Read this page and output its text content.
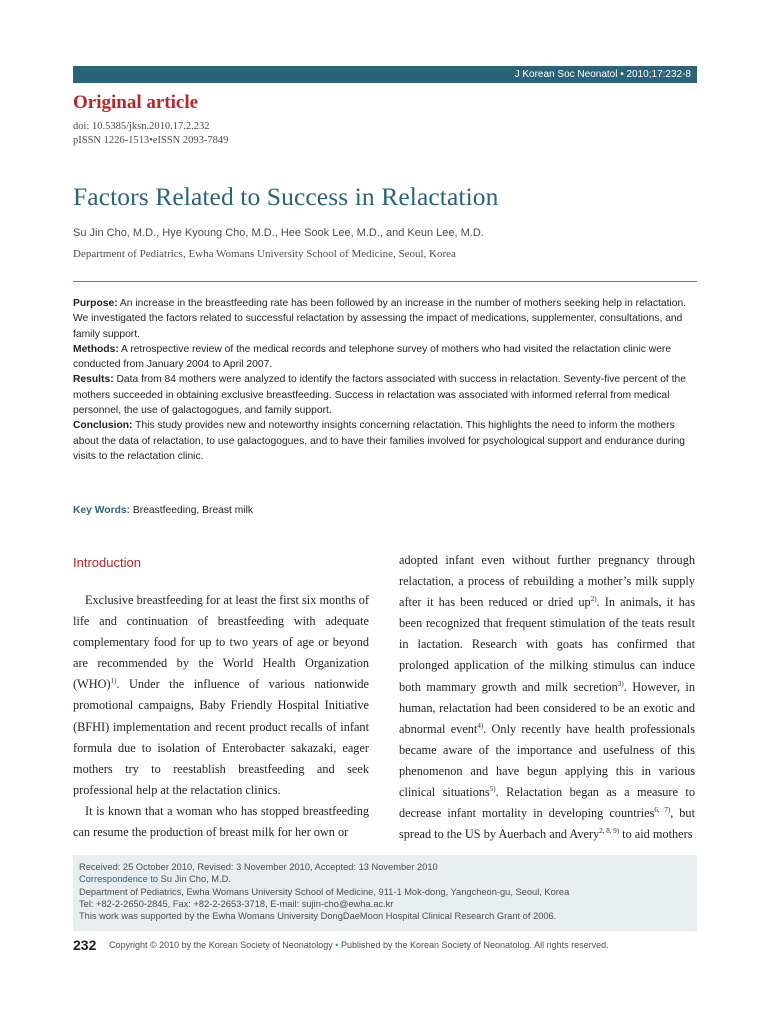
J Korean Soc Neonatol • 2010;17:232-8
Original article
doi: 10.5385/jksn.2010.17.2.232
pISSN 1226-1513•eISSN 2093-7849
Factors Related to Success in Relactation
Su Jin Cho, M.D., Hye Kyoung Cho, M.D., Hee Sook Lee, M.D., and Keun Lee, M.D.
Department of Pediatrics, Ewha Womans University School of Medicine, Seoul, Korea

Purpose: An increase in the breastfeeding rate has been followed by an increase in the number of mothers seeking help in relactation. We investigated the factors related to successful relactation by assessing the impact of medications, supplementer, consultations, and family support.

Methods: A retrospective review of the medical records and telephone survey of mothers who had visited the relactation clinic were conducted from January 2004 to April 2007.

Results: Data from 84 mothers were analyzed to identify the factors associated with success in relactation. Seventy-five percent of the mothers succeeded in obtaining exclusive breastfeeding. Success in relactation was associated with informed referral from medical personnel, the use of galactogogues, and family support.

Conclusion: This study provides new and noteworthy insights concerning relactation. This highlights the need to inform the mothers about the data of relactation, to use galactogogues, and to have their families involved for psychological support and endurance during visits to the relactation clinic.

Key Words: Breastfeeding, Breast milk
Introduction

Exclusive breastfeeding for at least the first six months of life and continuation of breastfeeding with adequate complementary food for up to two years of age or beyond are recommended by the World Health Organization (WHO)$^{1)}$. Under the influence of various nationwide promotional campaigns, Baby Friendly Hospital Initiative (BFHI) implementation and recent product recalls of infant formula due to isolation of Enterobacter sakazaki, eager mothers try to reestablish breastfeeding and seek professional help at the relactation clinics.

It is known that a woman who has stopped breastfeeding can resume the production of breast milk for her own or

adopted infant even without further pregnancy through relactation, a process of rebuilding a mother’s milk supply after it has been reduced or dried $up^{2)}$. In animals, it has been recognized that frequent stimulation of the teats result in lactation. Research with goats has confirmed that prolonged application of the milking stimulus can induce both mammary growth and milk secretion$^{3)}$. However, in human, relactation had been considered to be an exotic and abnormal event$^{4)}$. Only recently have health professionals became aware of the importance and usefulness of this phenomenon and have begun applying this in various clinical situations$^{5)}$. Relactation began as a measure to decrease infant mortality in developing countries$^{6, 7)}$, but spread to the US by Auerbach and Avery$^{2, 8, 9)}$ to aid mothers

Received: 25 October 2010, Revised: 3 November 2010, Accepted: 13 November 2010
Correspondence to Su Jin Cho, M.D.
Department of Pediatrics, Ewha Womans University School of Medicine, 911-1 Mok-dong, Yangcheon-gu, Seoul, Korea
Tel: +82-2-2650-2845, Fax: +82-2-2653-3718, E-mail: sujin-cho@ewha.ac.kr
This work was supported by the Ewha Womans University DongDaeMoon Hospital Clinical Research Grant of 2006.
232 Copyright © 2010 by the Korean Society of Neonatology • Published by the Korean Society of Neonatolog. All rights reserved.
